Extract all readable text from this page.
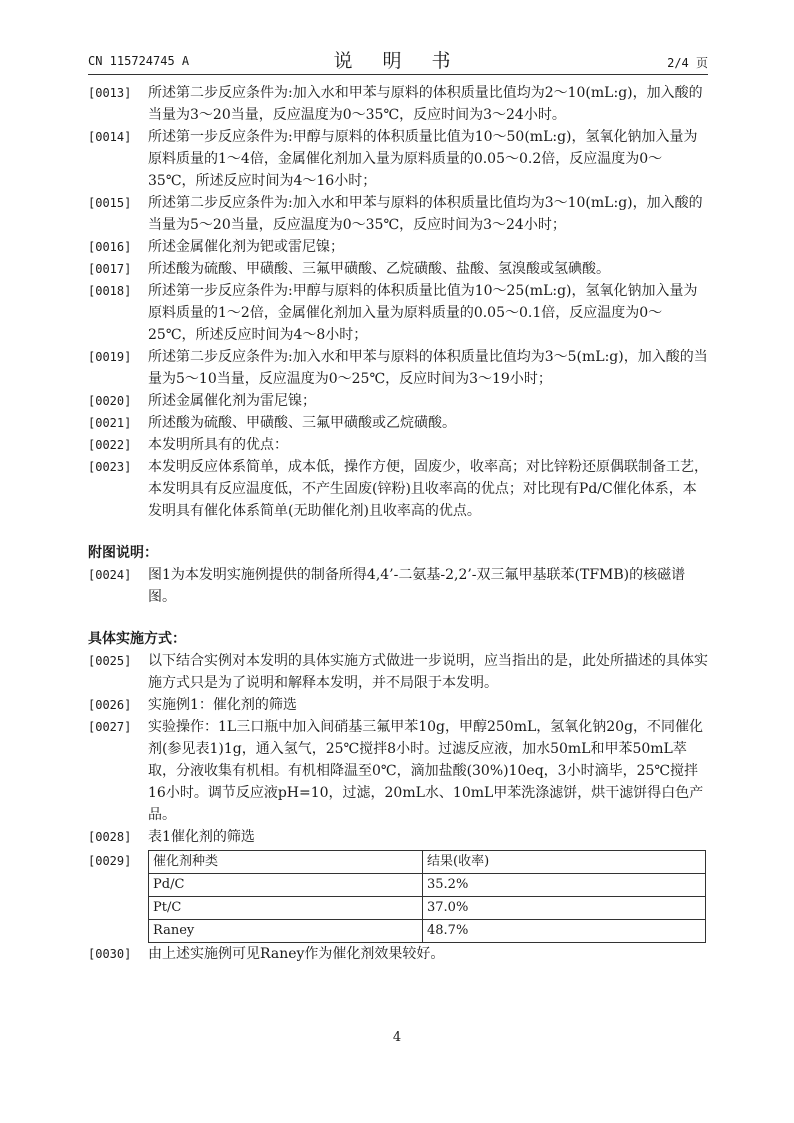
CN 115724745 A	说 明 书	2/4 页
[0013] 所述第二步反应条件为:加入水和甲苯与原料的体积质量比值均为2～10(mL:g)，加入酸的当量为3～20当量，反应温度为0～35℃，反应时间为3～24小时。
[0014] 所述第一步反应条件为:甲醇与原料的体积质量比值为10～50(mL:g)，氢氧化钠加入量为原料质量的1～4倍，金属催化剂加入量为原料质量的0.05～0.2倍，反应温度为0～35℃，所述反应时间为4～16小时；
[0015] 所述第二步反应条件为:加入水和甲苯与原料的体积质量比值均为3～10(mL:g)，加入酸的当量为5～20当量，反应温度为0～35℃，反应时间为3～24小时；
[0016] 所述金属催化剂为钯或雷尼镍；
[0017] 所述酸为硫酸、甲磺酸、三氟甲磺酸、乙烷磺酸、盐酸、氢溴酸或氢碘酸。
[0018] 所述第一步反应条件为:甲醇与原料的体积质量比值为10～25(mL:g)，氢氧化钠加入量为原料质量的1～2倍，金属催化剂加入量为原料质量的0.05～0.1倍，反应温度为0～25℃，所述反应时间为4～8小时；
[0019] 所述第二步反应条件为:加入水和甲苯与原料的体积质量比值均为3～5(mL:g)，加入酸的当量为5～10当量，反应温度为0～25℃，反应时间为3～19小时；
[0020] 所述金属催化剂为雷尼镍；
[0021] 所述酸为硫酸、甲磺酸、三氟甲磺酸或乙烷磺酸。
[0022] 本发明所具有的优点：
[0023] 本发明反应体系简单，成本低，操作方便，固废少，收率高；对比锌粉还原偶联制备工艺，本发明具有反应温度低，不产生固废(锌粉)且收率高的优点；对比现有Pd/C催化体系，本发明具有催化体系简单(无助催化剂)且收率高的优点。
附图说明：
[0024] 图1为本发明实施例提供的制备所得4,4’-二氨基-2,2’-双三氟甲基联苯(TFMB)的核磁谱图。
具体实施方式：
[0025] 以下结合实例对本发明的具体实施方式做进一步说明，应当指出的是，此处所描述的具体实施方式只是为了说明和解释本发明，并不局限于本发明。
[0026] 实施例1：催化剂的筛选
[0027] 实验操作：1L三口瓶中加入间硝基三氟甲苯10g，甲醇250mL，氢氧化钠20g，不同催化剂(参见表1)1g，通入氢气，25℃搅拌8小时。过滤反应液，加水50mL和甲苯50mL萃取，分液收集有机相。有机相降温至0℃，滴加盐酸(30%)10eq，3小时滴毕，25℃搅拌16小时。调节反应液pH=10，过滤，20mL水、10mL甲苯洗涤滤饼，烘干滤饼得白色产品。
[0028] 表1催化剂的筛选
[0029] 催化剂种类	结果(收率)
Pd/C	35.2%
Pt/C	37.0%
Raney	48.7%
[0030] 由上述实施例可见Raney作为催化剂效果较好。
4
